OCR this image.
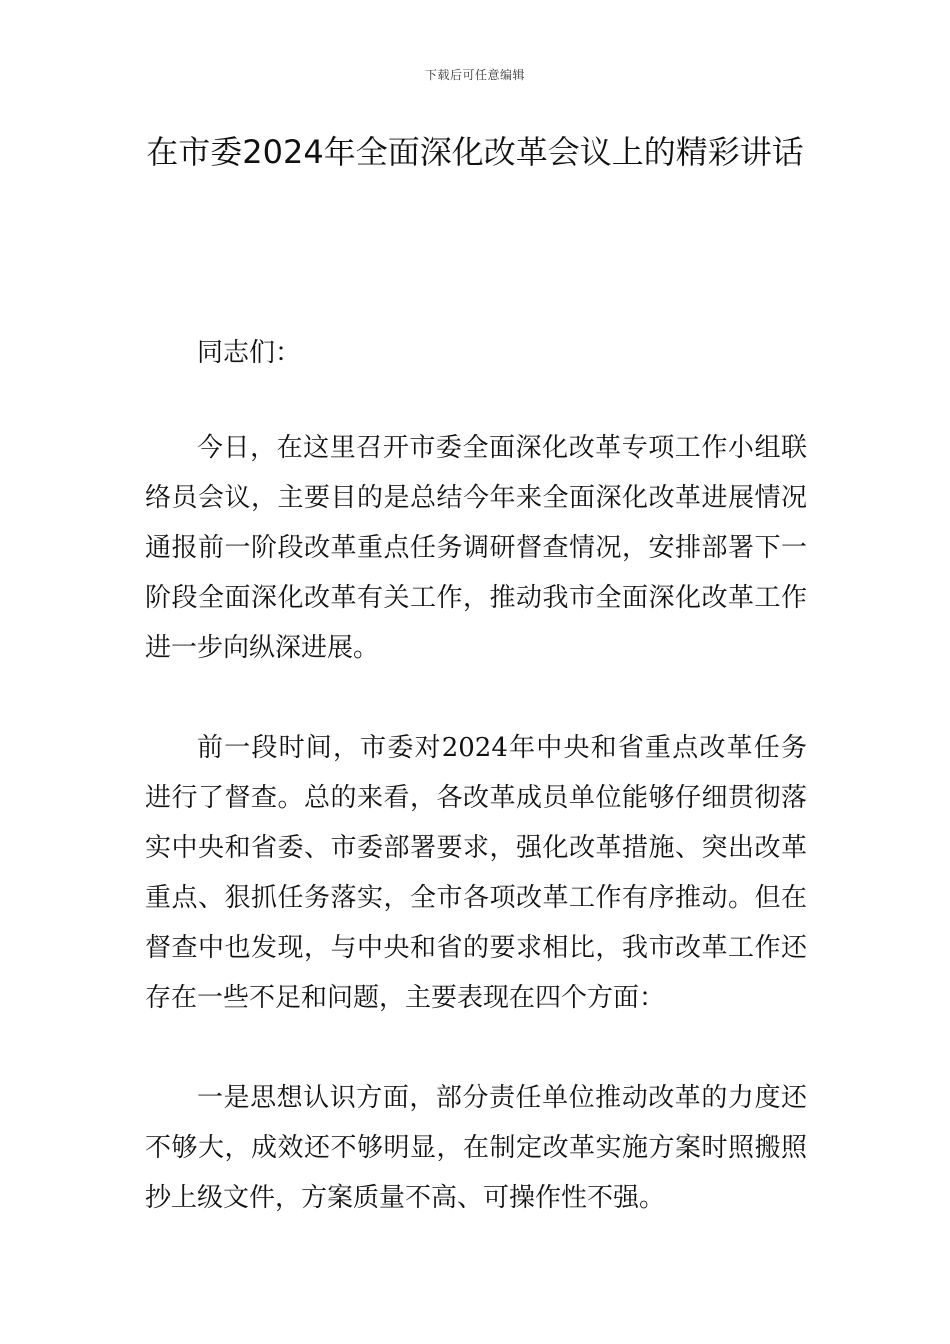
下载后可任意编辑
在市委2024年全面深化改革会议上的精彩讲话

同志们：

今日，在这里召开市委全面深化改革专项工作小组联络员会议，主要目的是总结今年来全面深化改革进展情况通报前一阶段改革重点任务调研督查情况，安排部署下一阶段全面深化改革有关工作，推动我市全面深化改革工作进一步向纵深进展。

前一段时间，市委对2024年中央和省重点改革任务进行了督查。总的来看，各改革成员单位能够仔细贯彻落实中央和省委、市委部署要求，强化改革措施、突出改革重点、狠抓任务落实，全市各项改革工作有序推动。但在督查中也发现，与中央和省的要求相比，我市改革工作还存在一些不足和问题，主要表现在四个方面：

一是思想认识方面，部分责任单位推动改革的力度还不够大，成效还不够明显，在制定改革实施方案时照搬照抄上级文件，方案质量不高、可操作性不强。
